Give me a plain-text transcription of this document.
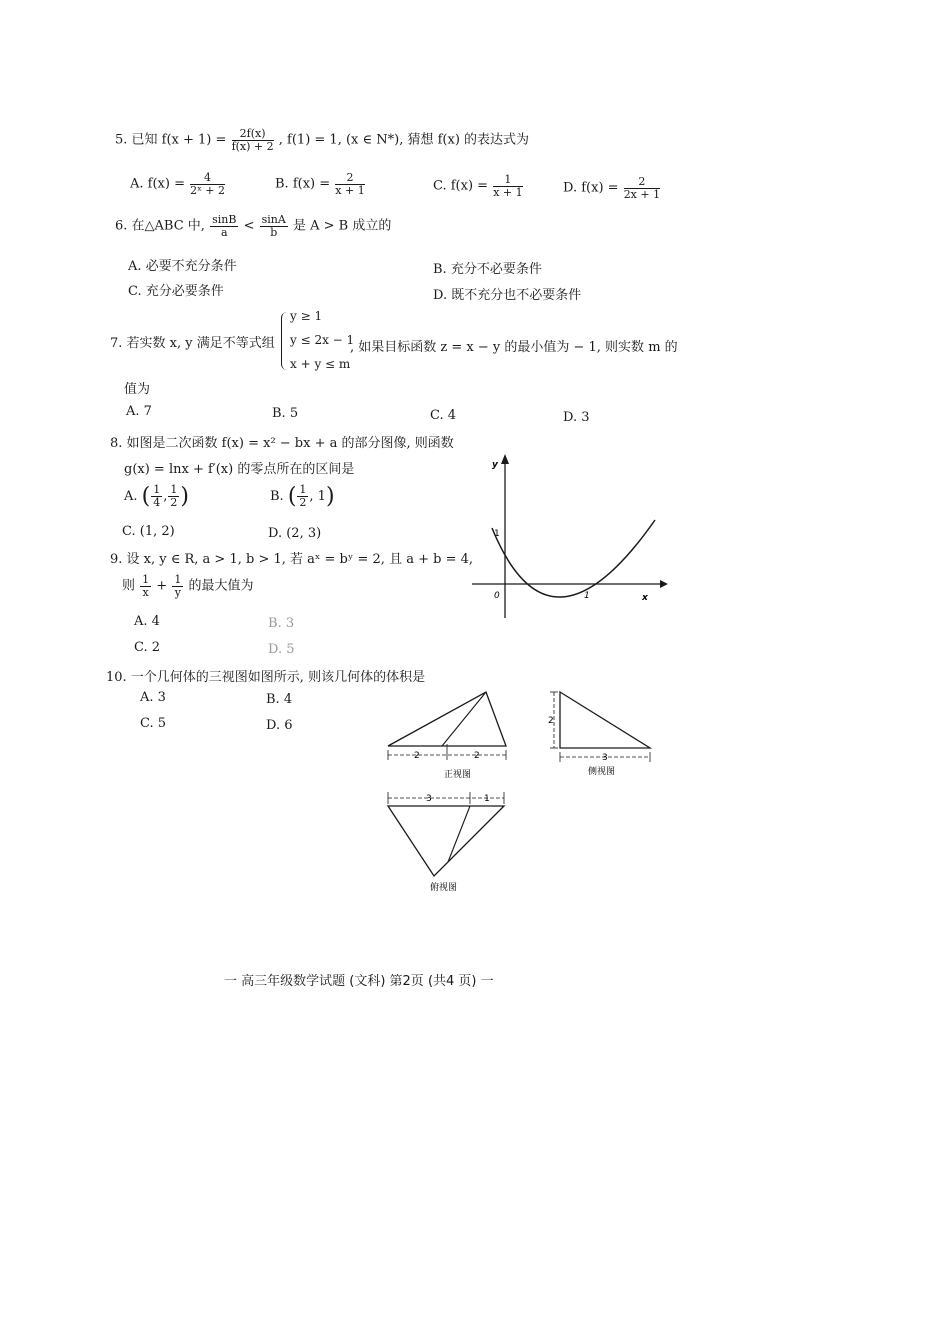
5. 已知 $f(x + 1) = \frac{2f(x)}{f(x) + 2}$ , f(1) = 1, (x ∈ N*), 猜想 f(x) 的表达式为
A. $f(x) = \frac{4}{\text{2ˣ + 2}}$	B. $f(x) = \frac{2}{x + 1}$	C. $f(x) = \frac{1}{x + 1}$	D. $f(x) = \frac{2}{2x + 1}$
6. 在△ABC 中, $\frac{\sin B}{a} < \frac{\sin A}{b}$ 是 A > B 成立的
A. 必要不充分条件	B. 充分不必要条件
C. 充分必要条件	D. 既不充分也不必要条件
7. 若实数 x, y 满足不等式组
y ≥ 1
y ≤ 2x − 1
x + y ≤ m
, 如果目标函数 z = x − y 的最小值为 − 1, 则实数 m 的
值为
A. 7	B. 5	C. 4	D. 3
8. 如图是二次函数 f(x) = x² − bx + a 的部分图像, 则函数
g(x) = lnx + f′(x) 的零点所在的区间是
A. ( $\frac{1}{4}$ , $\frac{1}{2}$ )	B. ( $\frac{1}{2}$ , 1)
C. (1, 2)	D. (2, 3)
y
x
0
1
1
9. 设 x, y ∈ R, a > 1, b > 1, 若 aˣ = bʸ = 2, 且 a + b = 4,
则 $\frac{1}{x} + \frac{1}{y}$ 的最大值为
A. 4	B. 3
C. 2	D. 5
10. 一个几何体的三视图如图所示, 则该几何体的体积是
A. 3	B. 4
C. 5	D. 6
2	2
正视图
2
3
侧视图
3	1
俯视图
一 高三年级数学试题 (文科) 第2页 (共4 页) 一
